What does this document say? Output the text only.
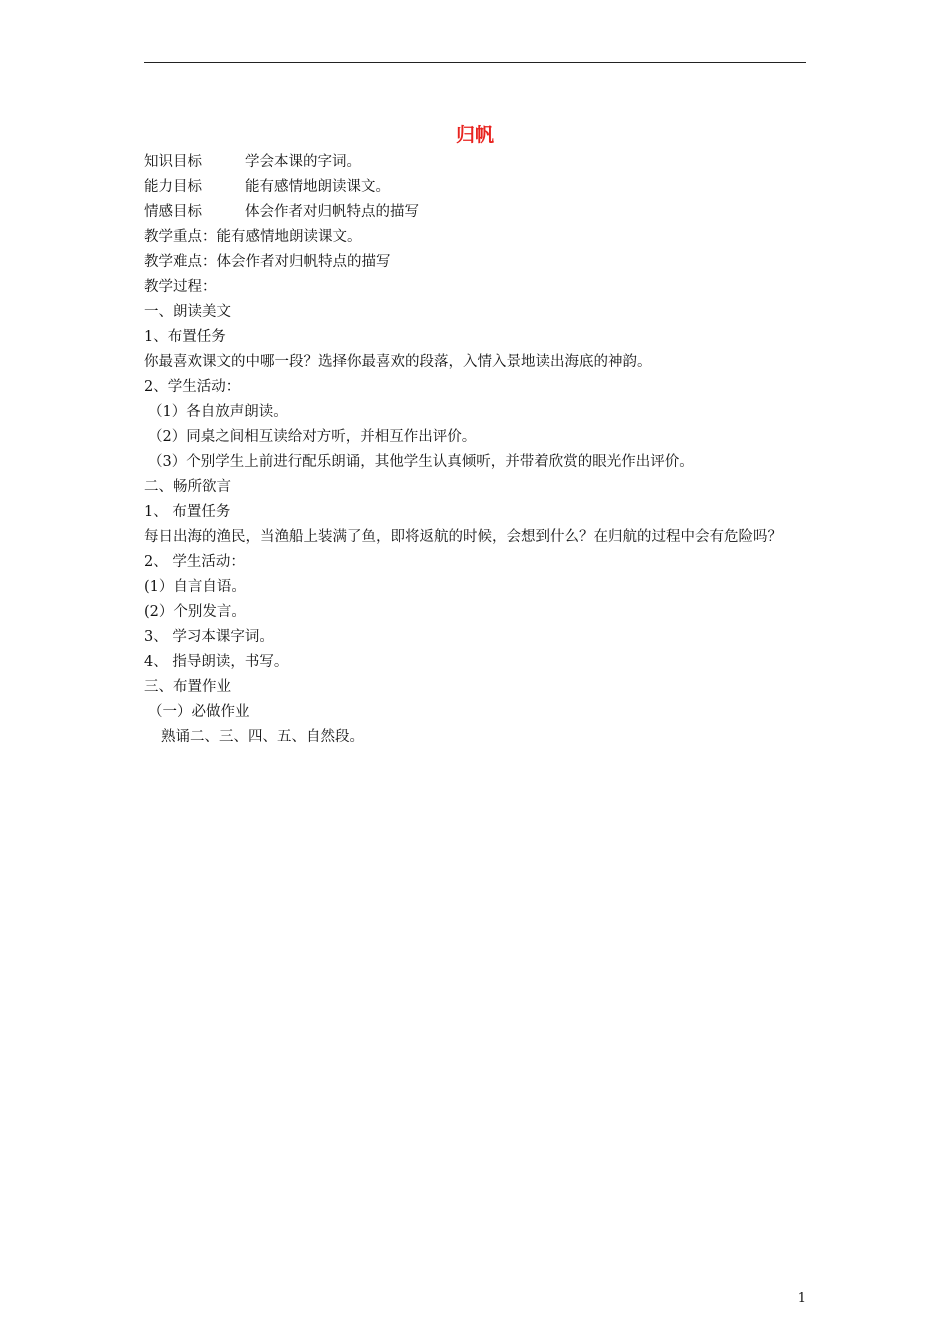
归帆
知识目标	学会本课的字词。
能力目标	能有感情地朗读课文。
情感目标	体会作者对归帆特点的描写
教学重点：能有感情地朗读课文。
教学难点：体会作者对归帆特点的描写
教学过程：
一、朗读美文
1、布置任务
你最喜欢课文的中哪一段？选择你最喜欢的段落，入情入景地读出海底的神韵。
2、学生活动：
（1）各自放声朗读。
（2）同桌之间相互读给对方听，并相互作出评价。
（3）个别学生上前进行配乐朗诵，其他学生认真倾听，并带着欣赏的眼光作出评价。
二、畅所欲言
1、 布置任务
每日出海的渔民，当渔船上装满了鱼，即将返航的时候，会想到什么？在归航的过程中会有危险吗？
2、 学生活动：
(1）自言自语。
(2）个别发言。
3、 学习本课字词。
4、 指导朗读，书写。
三、布置作业
（一）必做作业
熟诵二、三、四、五、自然段。
1
